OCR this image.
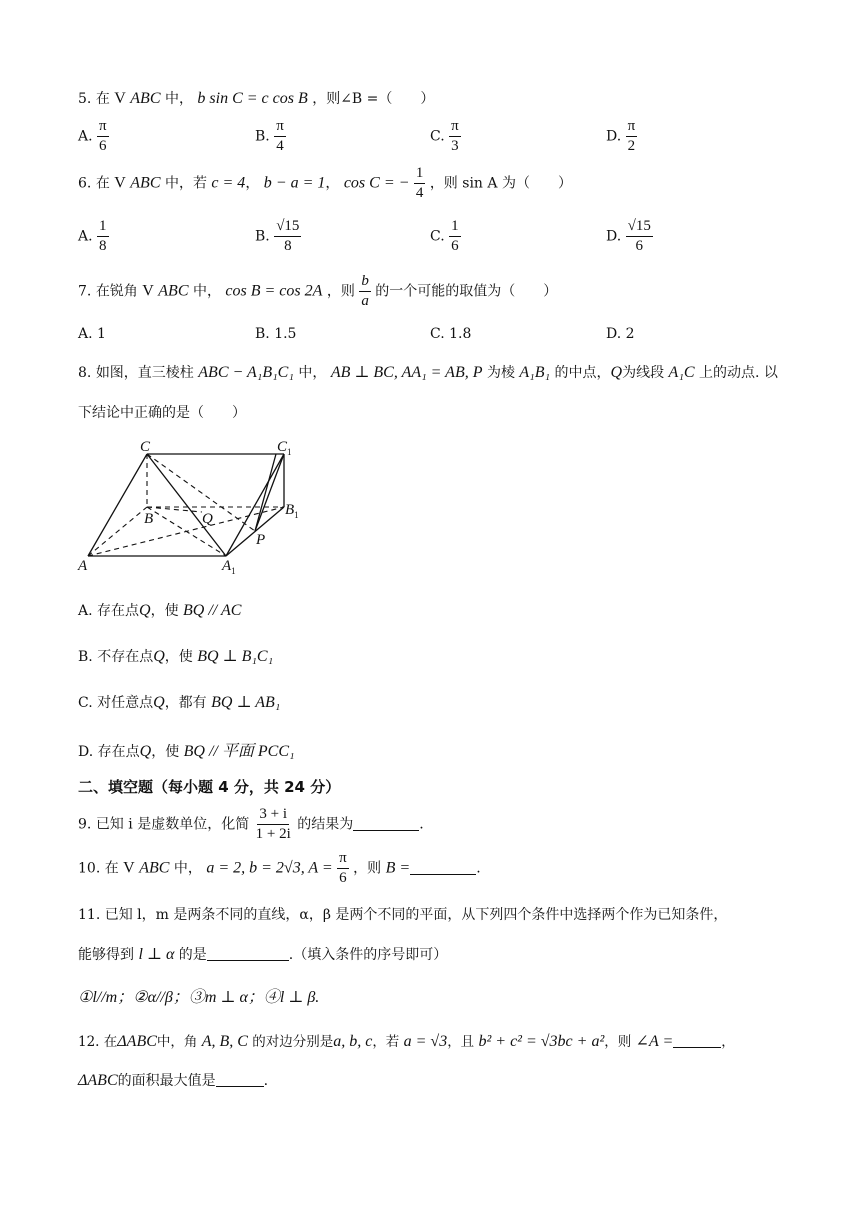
5. 在 V ABC 中， b sin C = c cos B ，则∠B =（　　）
A. $\frac{\pi}{6}$	B. $\frac{\pi}{4}$	C. $\frac{\pi}{3}$	D. $\frac{\pi}{2}$
6. 在 V ABC 中，若 c = 4， b − a = 1， cos C = − $\frac{1}{4}$ ，则 sin A 为（　　）
A. $\frac{1}{8}$	B. $\frac{√15}{8}$	C. $\frac{1}{6}$	D. $\frac{√15}{6}$
7. 在锐角 V ABC 中， cos B = cos 2A ，则 $\frac{b}{a}$ 的一个可能的取值为（　　）
A. 1	B. 1.5	C. 1.8	D. 2
8. 如图，直三棱柱 ABC − A₁B₁C₁ 中， AB ⊥ BC, AA₁ = AB, P 为棱 A₁B₁ 的中点，Q为线段 A₁C 上的动点. 以
下结论中正确的是（　　）
C	$C_1$
B	Q
$B_1$
P
A	$A_1$
A. 存在点Q，使 BQ // AC
B. 不存在点Q，使 BQ ⊥ B₁C₁
C. 对任意点Q，都有 BQ ⊥ AB₁
D. 存在点Q，使 BQ // 平面 PCC₁
二、填空题（每小题 4 分，共 24 分）
9. 已知 i 是虚数单位，化简 $\frac{3 + i}{1 + 2i}$ 的结果为	.
10. 在 V ABC 中， a = 2, b = 2√3, $A = \frac{\pi}{6}$ ，则 B =	.
11. 已知 l，m 是两条不同的直线，α，β 是两个不同的平面，从下列四个条件中选择两个作为已知条件，
能够得到 l ⊥ α 的是	.（填入条件的序号即可）
①l//m；②α//β；③m ⊥ α；④l ⊥ β.
12. 在ΔABC中，角 A, B, C 的对边分别是a, b, c，若 a = √3，且 b² + c² = √3bc + a²，则 ∠A =	，
ΔABC的面积最大值是	.
